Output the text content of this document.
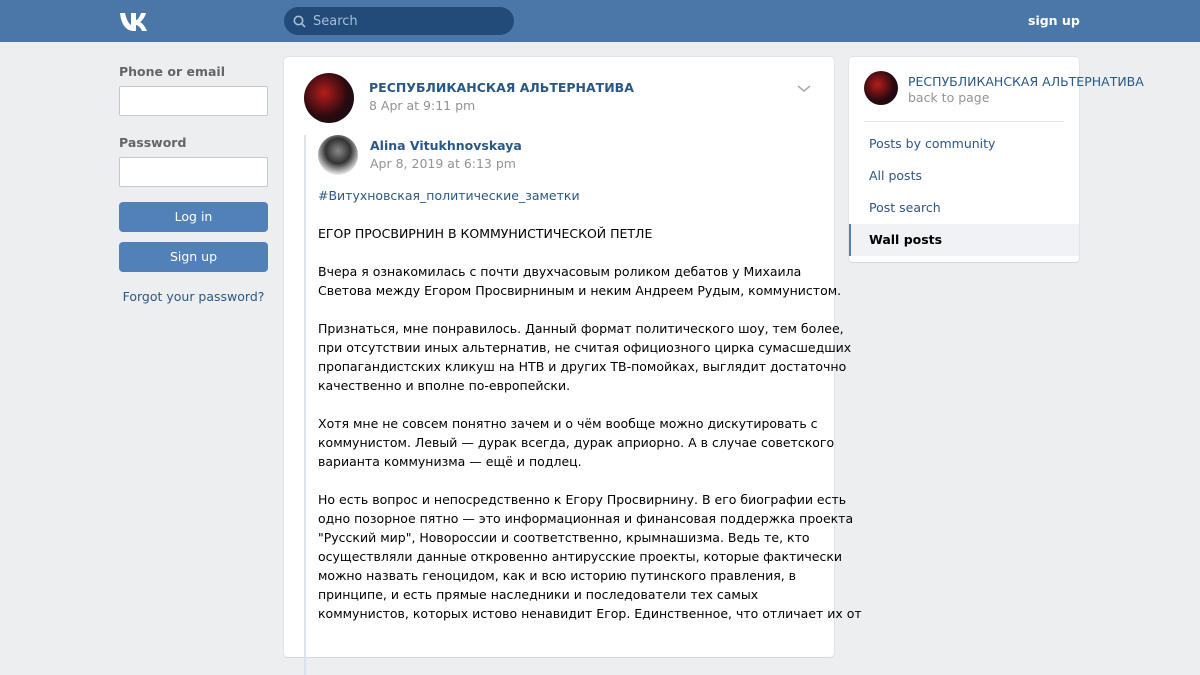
Search
sign up
Phone or email
Password
Log in
Sign up
Forgot your password?
РЕСПУБЛИКАНСКАЯ АЛЬТЕРНАТИВА
8 Apr at 9:11 pm
Alina Vitukhnovskaya
Apr 8, 2019 at 6:13 pm

#Витухновская_политические_заметки

ЕГОР ПРОСВИРНИН В КОММУНИСТИЧЕСКОЙ ПЕТЛЕ

Вчера я ознакомилась с почти двухчасовым роликом дебатов у Михаила
Светова между Егором Просвирниным и неким Андреем Рудым, коммунистом.

Признаться, мне понравилось. Данный формат политического шоу, тем более,
при отсутствии иных альтернатив, не считая официозного цирка сумасшедших
пропагандистских кликуш на НТВ и других ТВ-помойках, выглядит достаточно
качественно и вполне по-европейски.

Хотя мне не совсем понятно зачем и о чём вообще можно дискутировать с
коммунистом. Левый — дурак всегда, дурак априорно. А в случае советского
варианта коммунизма — ещё и подлец.

Но есть вопрос и непосредственно к Егору Просвирнину. В его биографии есть
одно позорное пятно — это информационная и финансовая поддержка проекта
"Русский мир", Новороссии и соответственно, крымнашизма. Ведь те, кто
осуществляли данные откровенно антирусские проекты, которые фактически
можно назвать геноцидом, как и всю историю путинского правления, в
принципе, и есть прямые наследники и последователи тех самых
коммунистов, которых истово ненавидит Егор. Единственное, что отличает их от

РЕСПУБЛИКАНСКАЯ АЛЬТЕРНАТИВА
back to page
Posts by community
All posts
Post search
Wall posts
